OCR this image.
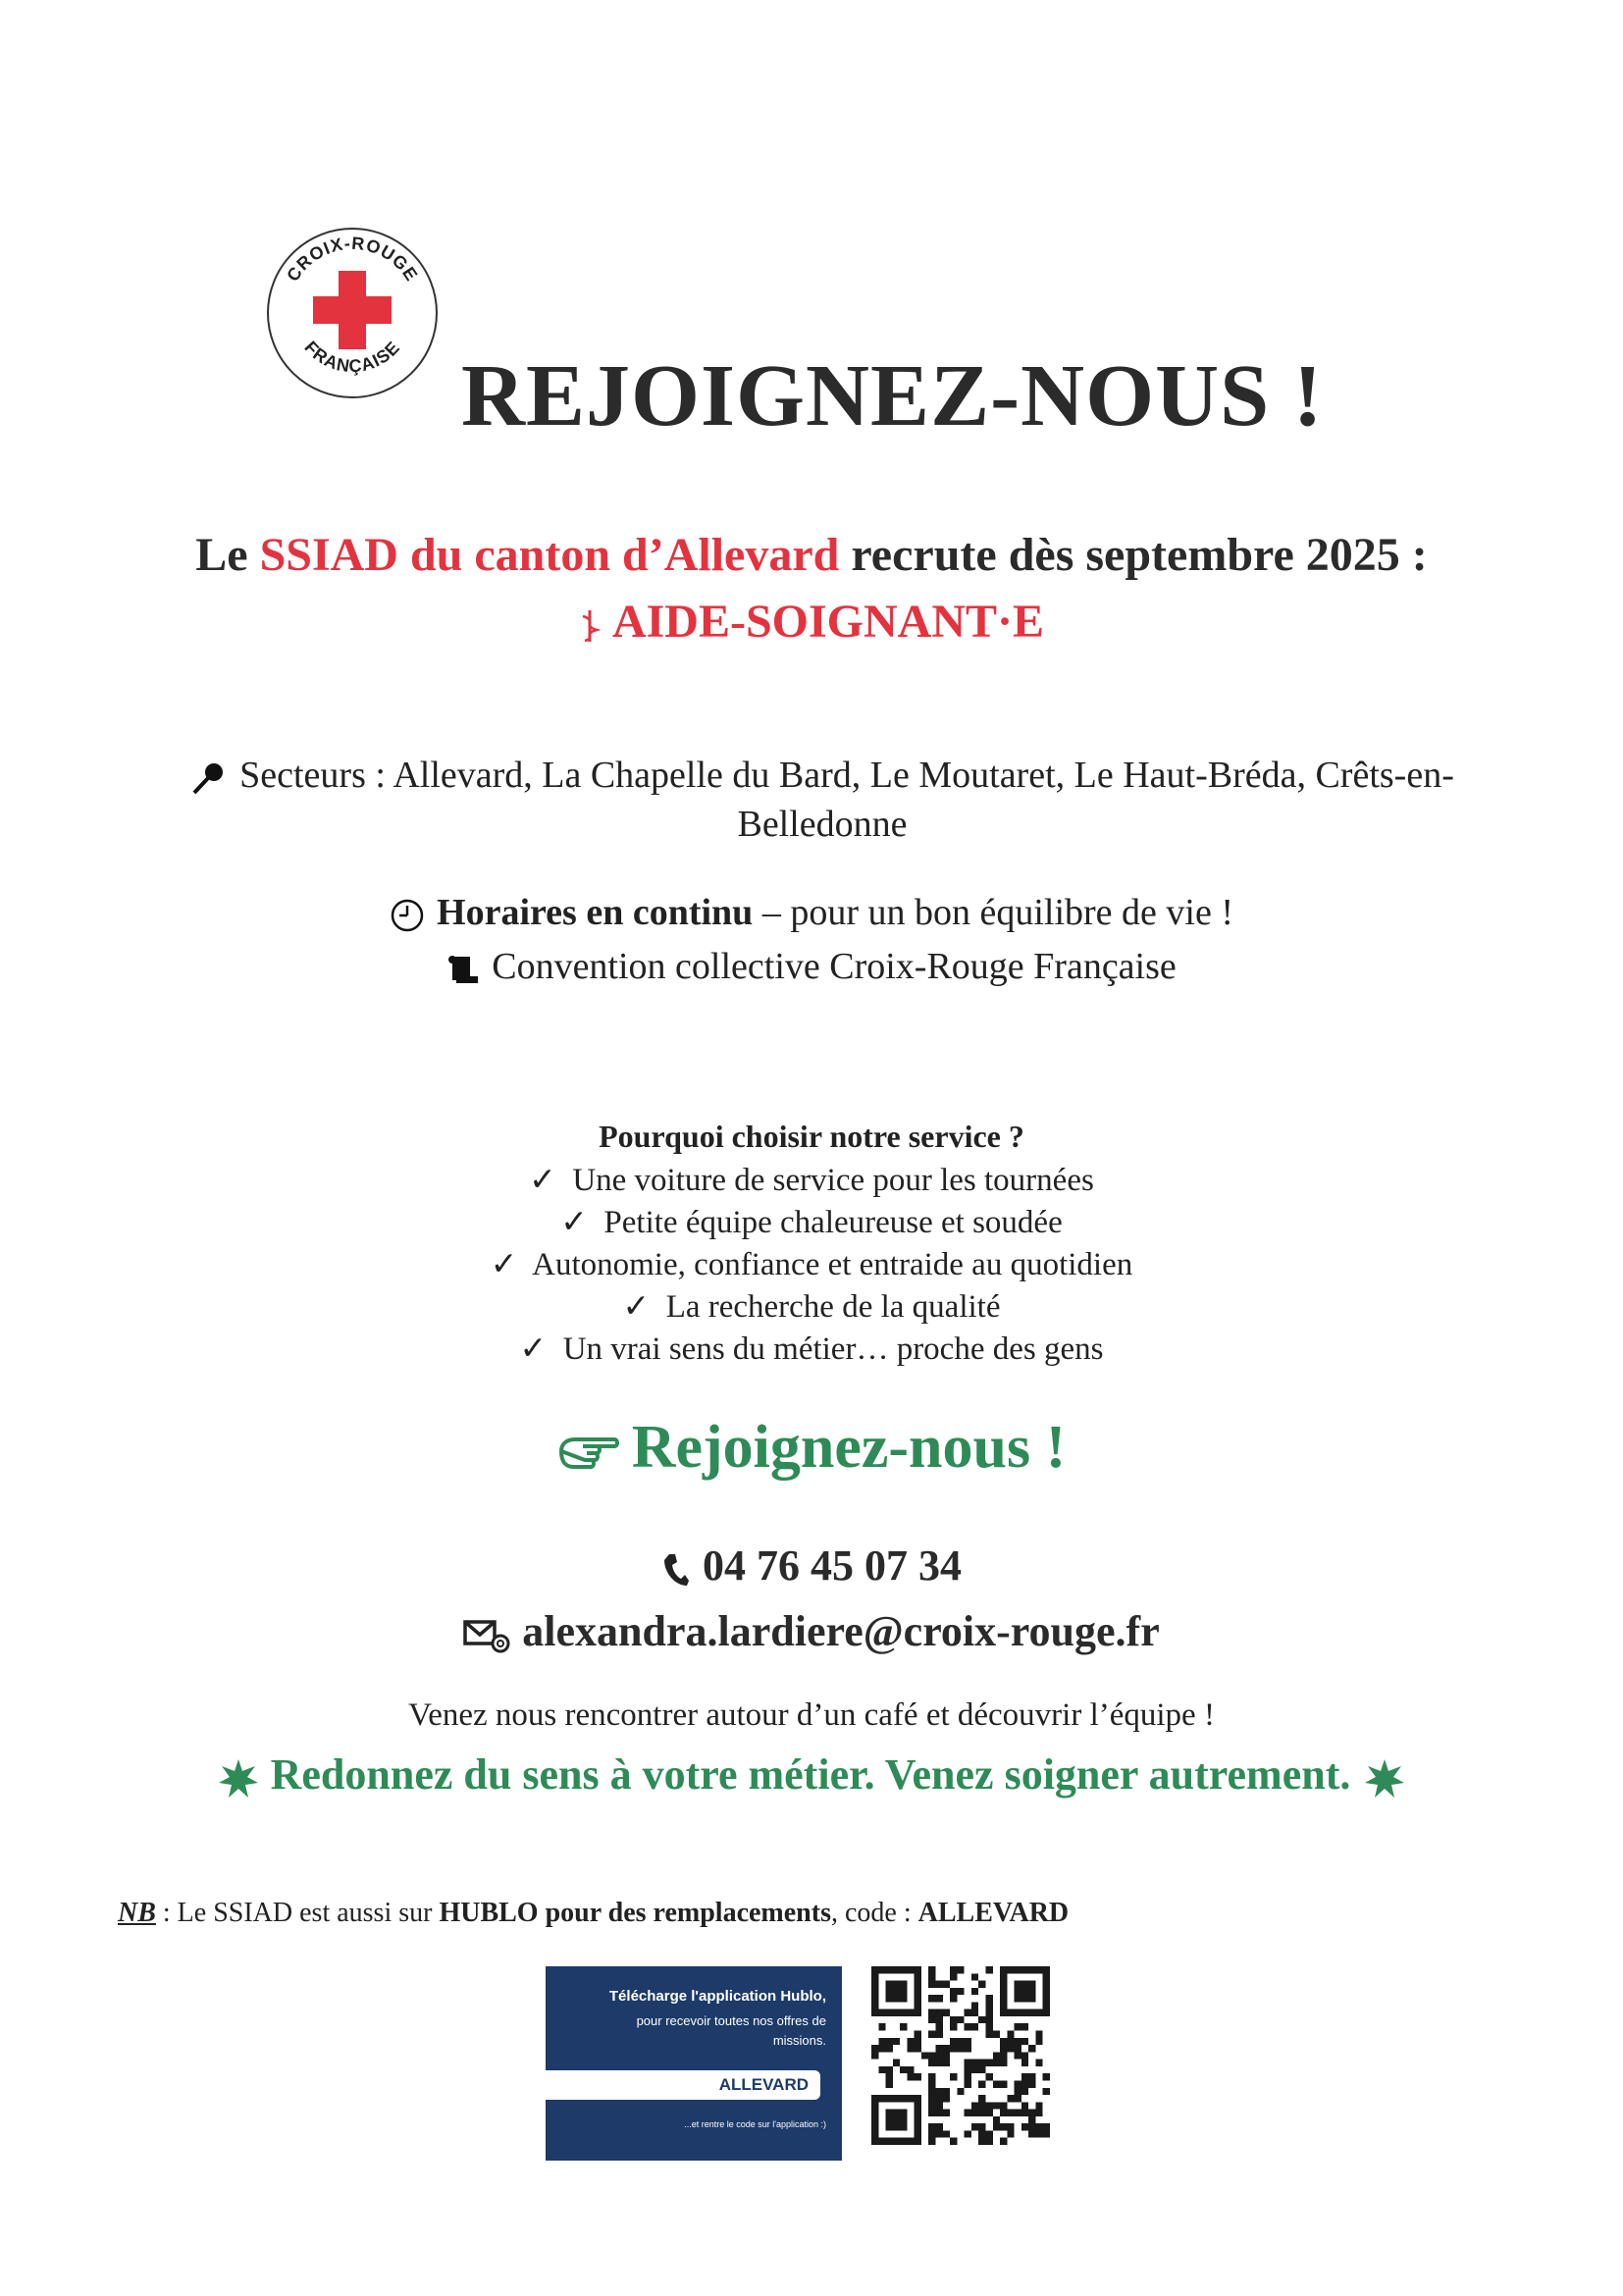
CROIX-ROUGE
FRANÇAISE REJOIGNEZ-NOUS !
Le SSIAD du canton d’Allevard recrute dès septembre 2025 :
AIDE-SOIGNANT·E
Secteurs : Allevard, La Chapelle du Bard, Le Moutaret, Le Haut-Bréda, Crêts-en-Belledonne
Horaires en continu – pour un bon équilibre de vie !
Convention collective Croix-Rouge Française
Pourquoi choisir notre service ?
✓ Une voiture de service pour les tournées
✓ Petite équipe chaleureuse et soudée
✓ Autonomie, confiance et entraide au quotidien
✓ La recherche de la qualité
✓ Un vrai sens du métier… proche des gens
Rejoignez-nous !
04 76 45 07 34
alexandra.lardiere@croix-rouge.fr
Venez nous rencontrer autour d’un café et découvrir l’équipe !
Redonnez du sens à votre métier. Venez soigner autrement.
NB : Le SSIAD est aussi sur HUBLO pour des remplacements, code : ALLEVARD
Télécharge l'application Hublo,
pour recevoir toutes nos offres de missions.
ALLEVARD
...et rentre le code sur l'application :)
